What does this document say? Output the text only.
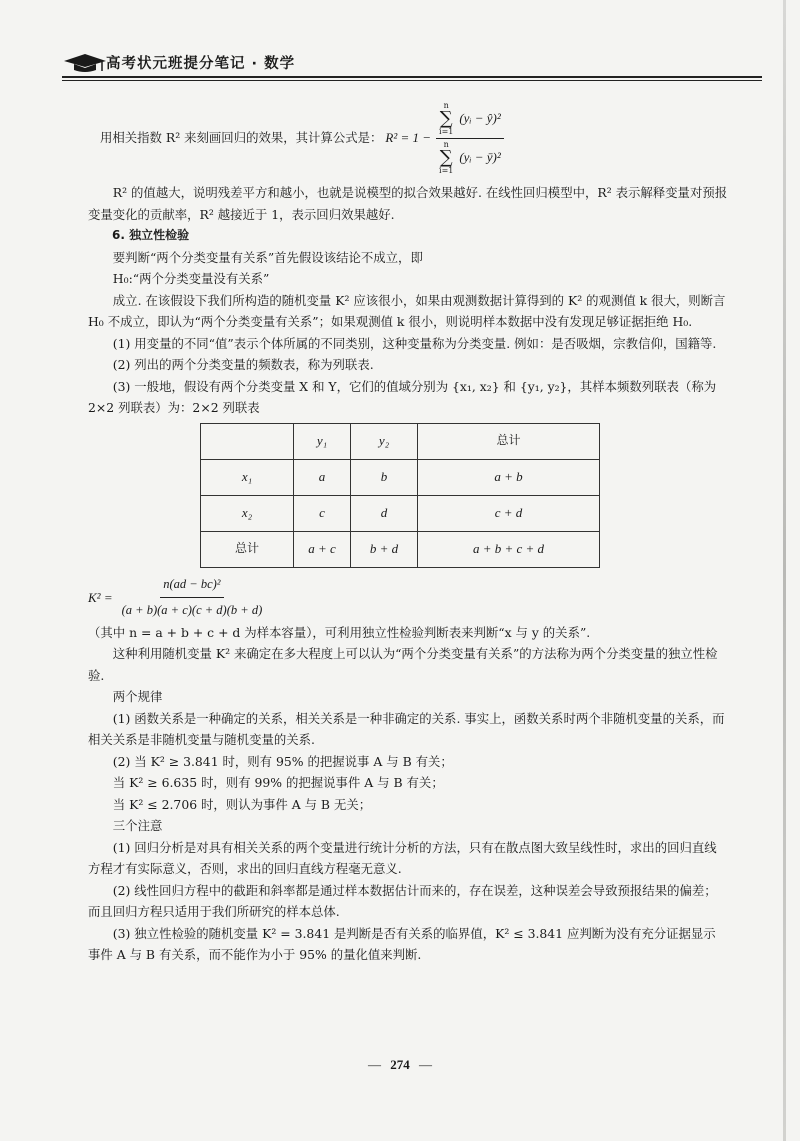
高考状元班提分笔记 · 数学
用相关指数 R² 来刻画回归的效果，其计算公式是： R² = 1 − n
∑
i=1
(yᵢ − ŷ)²
n
∑
i=1
(yᵢ − ȳ)²

R² 的值越大，说明残差平方和越小，也就是说模型的拟合效果越好. 在线性回归模型中，R² 表示解释变量对预报变量变化的贡献率，R² 越接近于 1，表示回归效果越好.

6. 独立性检验

要判断“两个分类变量有关系”首先假设该结论不成立，即

H₀:“两个分类变量没有关系”

成立. 在该假设下我们所构造的随机变量 K² 应该很小，如果由观测数据计算得到的 K² 的观测值 k 很大，则断言 H₀ 不成立，即认为“两个分类变量有关系”；如果观测值 k 很小，则说明样本数据中没有发现足够证据拒绝 H₀.

(1) 用变量的不同“值”表示个体所属的不同类别，这种变量称为分类变量. 例如：是否吸烟，宗教信仰，国籍等.

(2) 列出的两个分类变量的频数表，称为列联表.

(3) 一般地，假设有两个分类变量 X 和 Y，它们的值域分别为 {x₁, x₂} 和 {y₁, y₂}，其样本频数列联表（称为 2×2 列联表）为：2×2 列联表

	y₁	y₂	总计
x₁	a	b	a + b
x₂	c	d	c + d
总计	a + c	b + d	a + b + c + d
$K^2 = \frac{\text{n(ad − bc)²}}{(a + b)(a + c)(c + d)(b + d)}$

（其中 n = a + b + c + d 为样本容量），可利用独立性检验判断表来判断“x 与 y 的关系”.

这种利用随机变量 K² 来确定在多大程度上可以认为“两个分类变量有关系”的方法称为两个分类变量的独立性检验.

两个规律

(1) 函数关系是一种确定的关系，相关关系是一种非确定的关系. 事实上，函数关系时两个非随机变量的关系，而相关关系是非随机变量与随机变量的关系.

(2) 当 K² ≥ 3.841 时，则有 95% 的把握说事 A 与 B 有关；

当 K² ≥ 6.635 时，则有 99% 的把握说事件 A 与 B 有关；

当 K² ≤ 2.706 时，则认为事件 A 与 B 无关；

三个注意

(1) 回归分析是对具有相关关系的两个变量进行统计分析的方法，只有在散点图大致呈线性时，求出的回归直线方程才有实际意义，否则，求出的回归直线方程毫无意义.

(2) 线性回归方程中的截距和斜率都是通过样本数据估计而来的，存在误差，这种误差会导致预报结果的偏差；而且回归方程只适用于我们所研究的样本总体.

(3) 独立性检验的随机变量 K² = 3.841 是判断是否有关系的临界值，K² ≤ 3.841 应判断为没有充分证据显示事件 A 与 B 有关系，而不能作为小于 95% 的量化值来判断.

— 274 —
